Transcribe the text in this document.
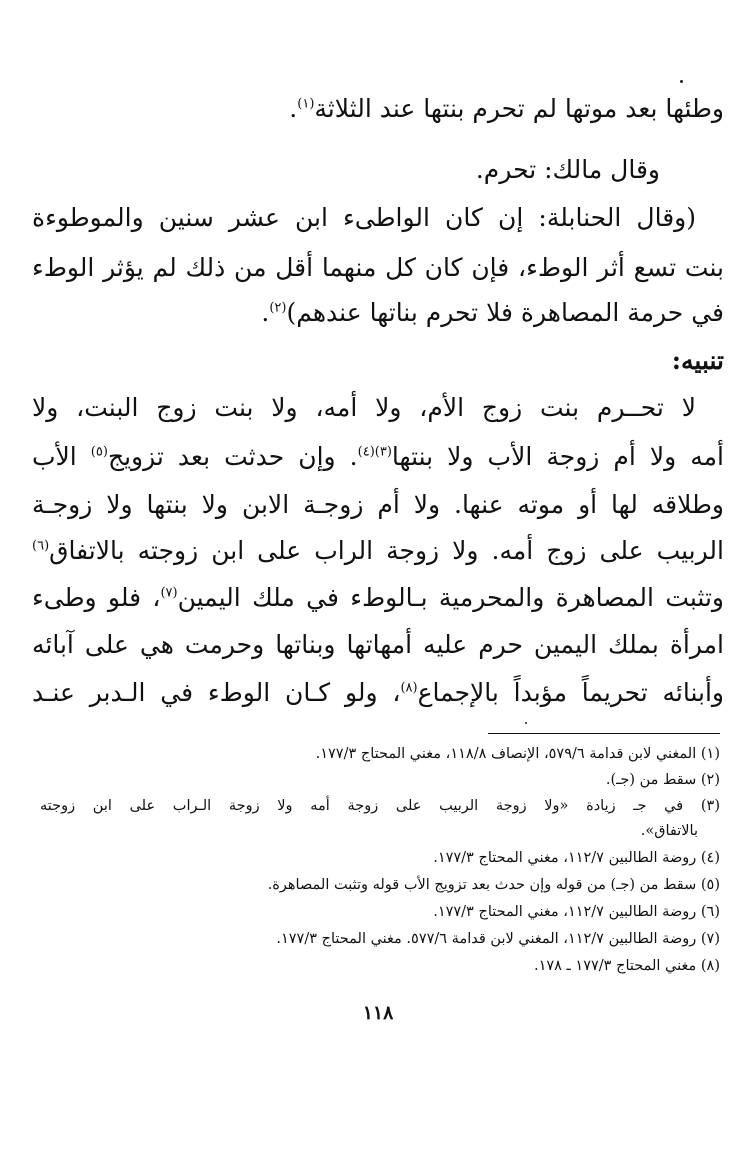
وطئها بعد موتها لم تحرم بنتها عند الثلاثة$^{(١)}$.
وقال مالك: تحرم.
(وقال الحنابلة: إن كان الواطىء ابن عشر سنين والموطوءة
بنت تسع أثر الوطء، فإن كان كل منهما أقل من ذلك لم يؤثر الوطء
في حرمة المصاهرة فلا تحرم بناتها عندهم)$^{(٢)}$.
تنبيه:
لا تحــرم بنت زوج الأم، ولا أمه، ولا بنت زوج البنت، ولا
أمه ولا أم زوجة الأب ولا بنتها$^{(٣)(٤)}$. وإن حدثت بعد تزويج$^{(٥)}$ الأب
وطلاقه لها أو موته عنها. ولا أم زوجـة الابن ولا بنتها ولا زوجـة
الربيب على زوج أمه. ولا زوجة الراب على ابن زوجته بالاتفاق$^{(٦)}$
وتثبت المصاهرة والمحرمية بـالوطء في ملك اليمين$^{(٧)}$، فلو وطىء
امرأة بملك اليمين حرم عليه أمهاتها وبناتها وحرمت هي على آبائه
وأبنائه تحريماً مؤبداً بالإجماع$^{(٨)}$، ولو كـان الوطء في الـدبر عنـد
(١) المغني لابن قدامة ٥٧٩/٦، الإنصاف ١١٨/٨، مغني المحتاج ١٧٧/٣.
(٢) سقط من (جـ).
(٣) في جـ زيادة «ولا زوجة الربيب على زوجة أمه ولا زوجة الـراب على ابن زوجته
بالاتفاق».
(٤) روضة الطالبين ١١٢/٧، مغني المحتاج ١٧٧/٣.
(٥) سقط من (جـ) من قوله وإن حدث بعد تزويج الأب قوله وتثبت المصاهرة.
(٦) روضة الطالبين ١١٢/٧، مغني المحتاج ١٧٧/٣.
(٧) روضة الطالبين ١١٢/٧، المغني لابن قدامة ٥٧٧/٦. مغني المحتاج ١٧٧/٣.
(٨) مغني المحتاج ١٧٧/٣ ـ ١٧٨.
١١٨
